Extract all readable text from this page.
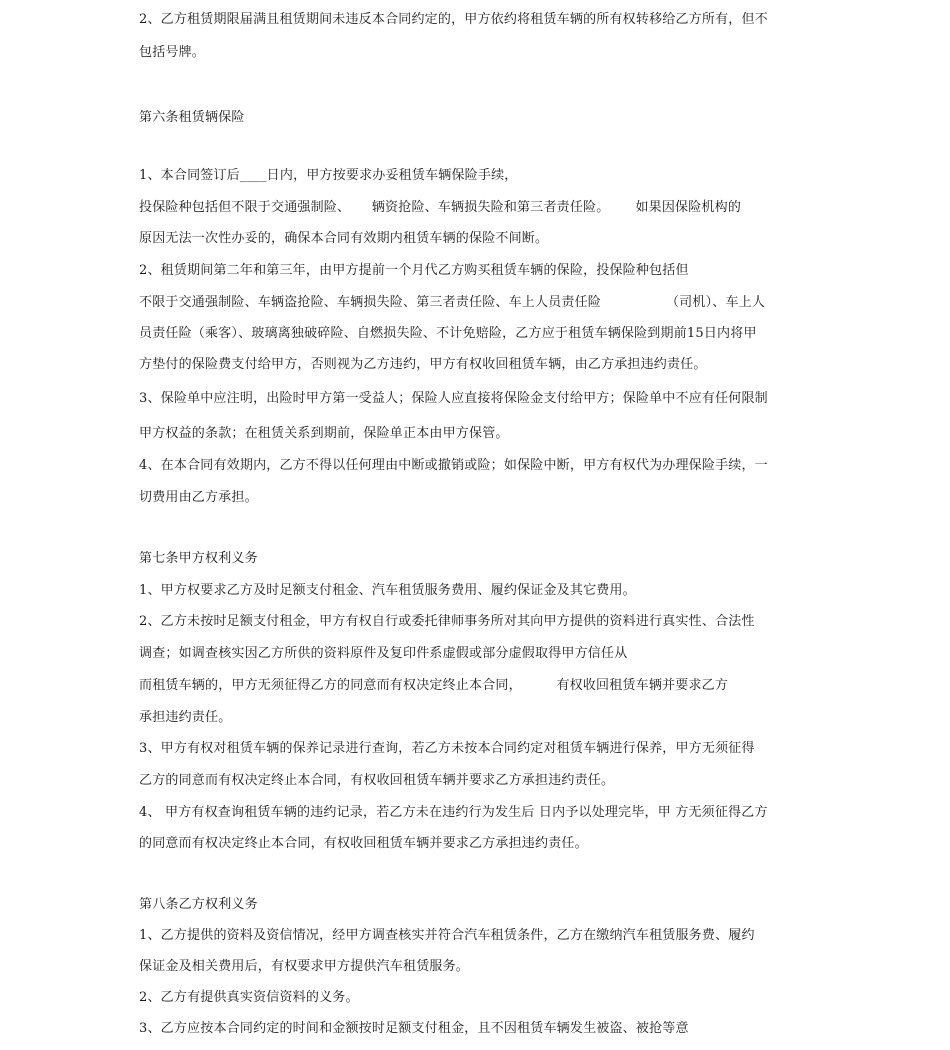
2、乙方租赁期限届满且租赁期间未违反本合同约定的，甲方依约将租赁车辆的所有权转移给乙方所有，但不
包括号牌。
第六条租赁辆保险
1、本合同签订后____日内，甲方按要求办妥租赁车辆保险手续，
投保险种包括但不限于交通强制险、     辆资抢险、车辆损失险和第三者责任险。      如果因保险机构的
原因无法一次性办妥的，确保本合同有效期内租赁车辆的保险不间断。
2、租赁期间第二年和第三年，由甲方提前一个月代乙方购买租赁车辆的保险，投保险种包括但
不限于交通强制险、车辆盗抢险、车辆损失险、第三者责任险、车上人员责任险               （司机）、车上人
员责任险（乘客）、玻璃离独破碎险、自燃损失险、不计免赔险，乙方应于租赁车辆保险到期前15日内将甲
方垫付的保险费支付给甲方，否则视为乙方违约，甲方有权收回租赁车辆，由乙方承担违约责任。
3、保险单中应注明，出险时甲方第一受益人；保险人应直接将保险金支付给甲方；保险单中不应有任何限制
甲方权益的条款；在租赁关系到期前，保险单正本由甲方保管。
4、在本合同有效期内，乙方不得以任何理由中断或撤销或险；如保险中断，甲方有权代为办理保险手续，一
切费用由乙方承担。
第七条甲方权利义务
1、甲方权要求乙方及时足额支付租金、汽车租赁服务费用、履约保证金及其它费用。
2、乙方未按时足额支付租金，甲方有权自行或委托律师事务所对其向甲方提供的资料进行真实性、合法性
调查；如调查核实因乙方所供的资料原件及复印件系虚假或部分虚假取得甲方信任从
而租赁车辆的，甲方无须征得乙方的同意而有权决定终止本合同，        有权收回租赁车辆并要求乙方
承担违约责任。
3、甲方有权对租赁车辆的保养记录进行查询，若乙方未按本合同约定对租赁车辆进行保养，甲方无须征得
乙方的同意而有权决定终止本合同，有权收回租赁车辆并要求乙方承担违约责任。
4、 甲方有权查询租赁车辆的违约记录，若乙方未在违约行为发生后 日内予以处理完毕，甲 方无须征得乙方
的同意而有权决定终止本合同，有权收回租赁车辆并要求乙方承担违约责任。
第八条乙方权利义务
1、乙方提供的资料及资信情况，经甲方调查核实并符合汽车租赁条件，乙方在缴纳汽车租赁服务费、履约
保证金及相关费用后，有权要求甲方提供汽车租赁服务。
2、乙方有提供真实资信资料的义务。
3、乙方应按本合同约定的时间和金额按时足额支付租金，且不因租赁车辆发生被盗、被抢等意
